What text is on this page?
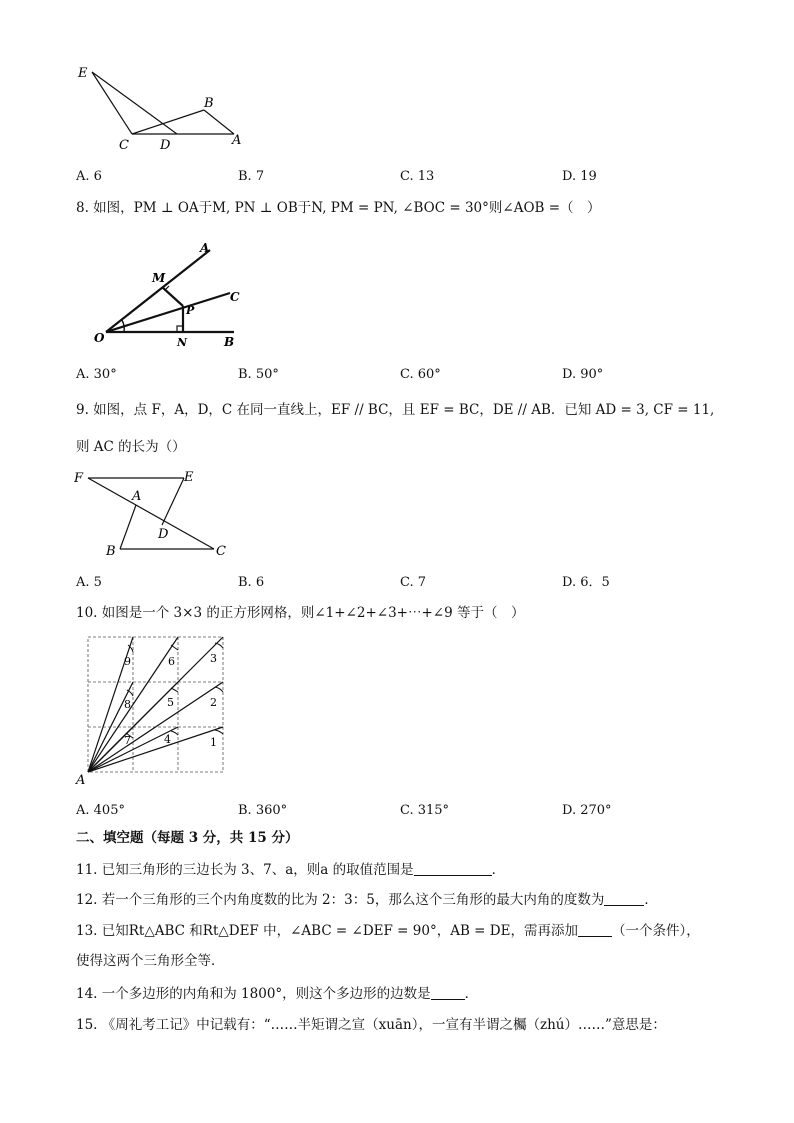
E
B
C D	A
A. 6	B. 7	C. 13	D. 19
8. 如图，PM ⊥ OA于M, PN ⊥ OB于N, PM = PN, ∠BOC = 30°则∠AOB =（　）
A
M
C
P
O	N	B
A. 30°	B. 50°	C. 60°	D. 90°
9. 如图，点 F，A，D，C 在同一直线上，EF // BC，且 EF = BC，DE // AB．已知 AD = 3, CF = 11,
则 AC 的长为（）
F	E
A
D
B	C
A. 5	B. 6	C. 7	D. 6．5
10. 如图是一个 3×3 的正方形网格，则∠1+∠2+∠3+⋯+∠9 等于（　）
9	6	3
8	5	2
7	4	1
A
A. 405°	B. 360°	C. 315°	D. 270°
二、填空题（每题 3 分，共 15 分）
11. 已知三角形的三边长为 3、7、a，则a 的取值范围是	．
12. 若一个三角形的三个内角度数的比为 2：3：5，那么这个三角形的最大内角的度数为	．
13. 已知Rt△ABC 和Rt△DEF 中，∠ABC = ∠DEF = 90°，AB = DE，需再添加	（一个条件），
使得这两个三角形全等．
14. 一个多边形的内角和为 1800°，则这个多边形的边数是	．
15. 《周礼考工记》中记载有：“……半矩谓之宣（xuān），一宣有半谓之欘（zhú）……”意思是：
